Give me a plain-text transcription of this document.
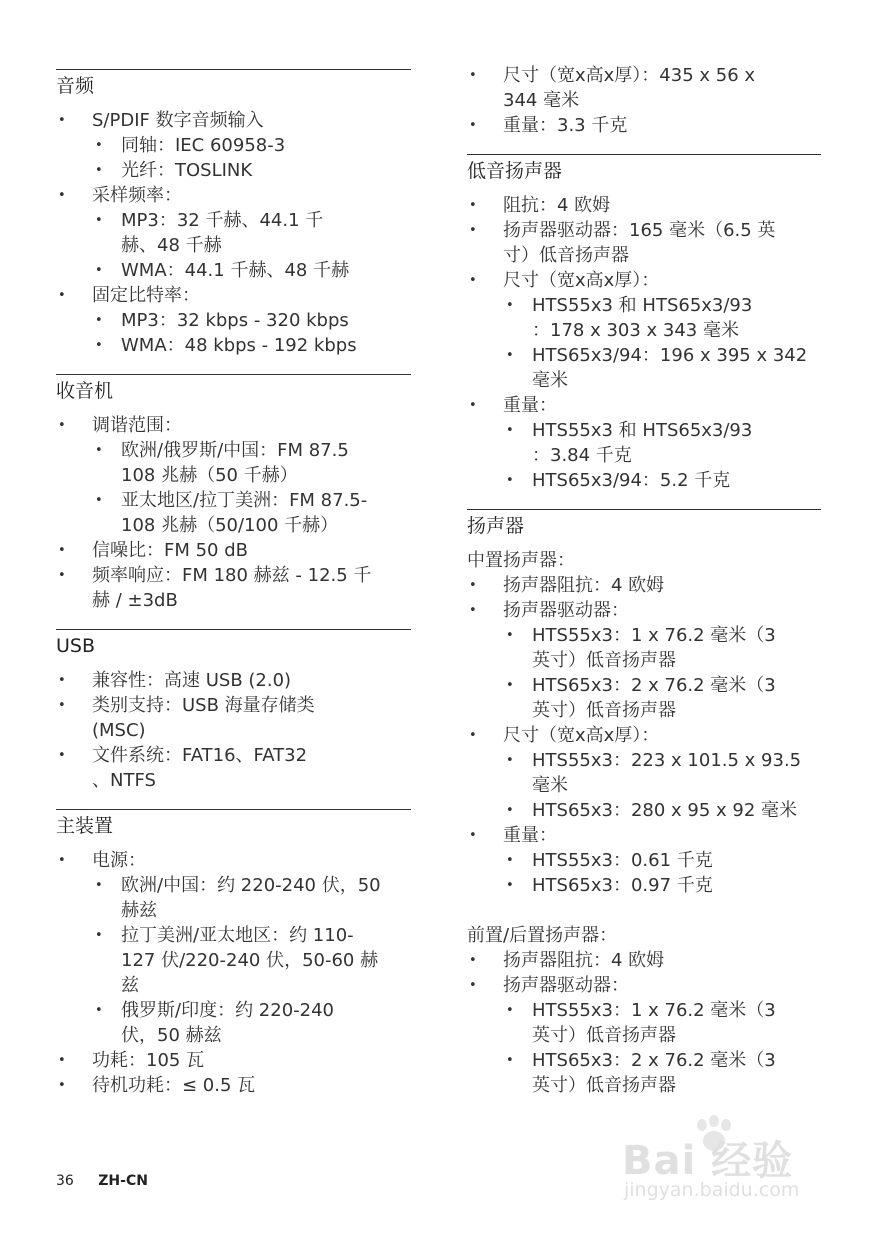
音频
• S/PDIF 数字音频输入
• 同轴：IEC 60958-3
• 光纤：TOSLINK
• 采样频率：
• MP3：32 千赫、44.1 千
赫、48 千赫
• WMA：44.1 千赫、48 千赫
• 固定比特率：
• MP3：32 kbps - 320 kbps
• WMA：48 kbps - 192 kbps
收音机
• 调谐范围：
• 欧洲/俄罗斯/中国：FM 87.5
108 兆赫（50 千赫）
• 亚太地区/拉丁美洲：FM 87.5-
108 兆赫（50/100 千赫）
• 信噪比：FM 50 dB
• 频率响应：FM 180 赫兹 - 12.5 千
赫 / ±3dB
USB
• 兼容性：高速 USB (2.0)
• 类别支持：USB 海量存储类
(MSC)
• 文件系统：FAT16、FAT32
、NTFS
主装置
• 电源：
• 欧洲/中国：约 220-240 伏，50
赫兹
• 拉丁美洲/亚太地区：约 110-
127 伏/220-240 伏，50-60 赫
兹
• 俄罗斯/印度：约 220-240
伏，50 赫兹
• 功耗：105 瓦
• 待机功耗：≤ 0.5 瓦
• 尺寸（宽x高x厚）：435 x 56 x
344 毫米
• 重量：3.3 千克
低音扬声器
• 阻抗：4 欧姆
• 扬声器驱动器：165 毫米（6.5 英
寸）低音扬声器
• 尺寸（宽x高x厚）：
• HTS55x3 和 HTS65x3/93
：178 x 303 x 343 毫米
• HTS65x3/94：196 x 395 x 342
毫米
• 重量：
• HTS55x3 和 HTS65x3/93
：3.84 千克
• HTS65x3/94：5.2 千克
扬声器
中置扬声器：
• 扬声器阻抗：4 欧姆
• 扬声器驱动器：
• HTS55x3：1 x 76.2 毫米（3
英寸）低音扬声器
• HTS65x3：2 x 76.2 毫米（3
英寸）低音扬声器
• 尺寸（宽x高x厚）：
• HTS55x3：223 x 101.5 x 93.5
毫米
• HTS65x3：280 x 95 x 92 毫米
• 重量：
• HTS55x3：0.61 千克
• HTS65x3：0.97 千克
前置/后置扬声器：
• 扬声器阻抗：4 欧姆
• 扬声器驱动器：
• HTS55x3：1 x 76.2 毫米（3
英寸）低音扬声器
• HTS65x3：2 x 76.2 毫米（3
英寸）低音扬声器
36 ZH-CN	Bai 经验
jingyan.baidu.com
